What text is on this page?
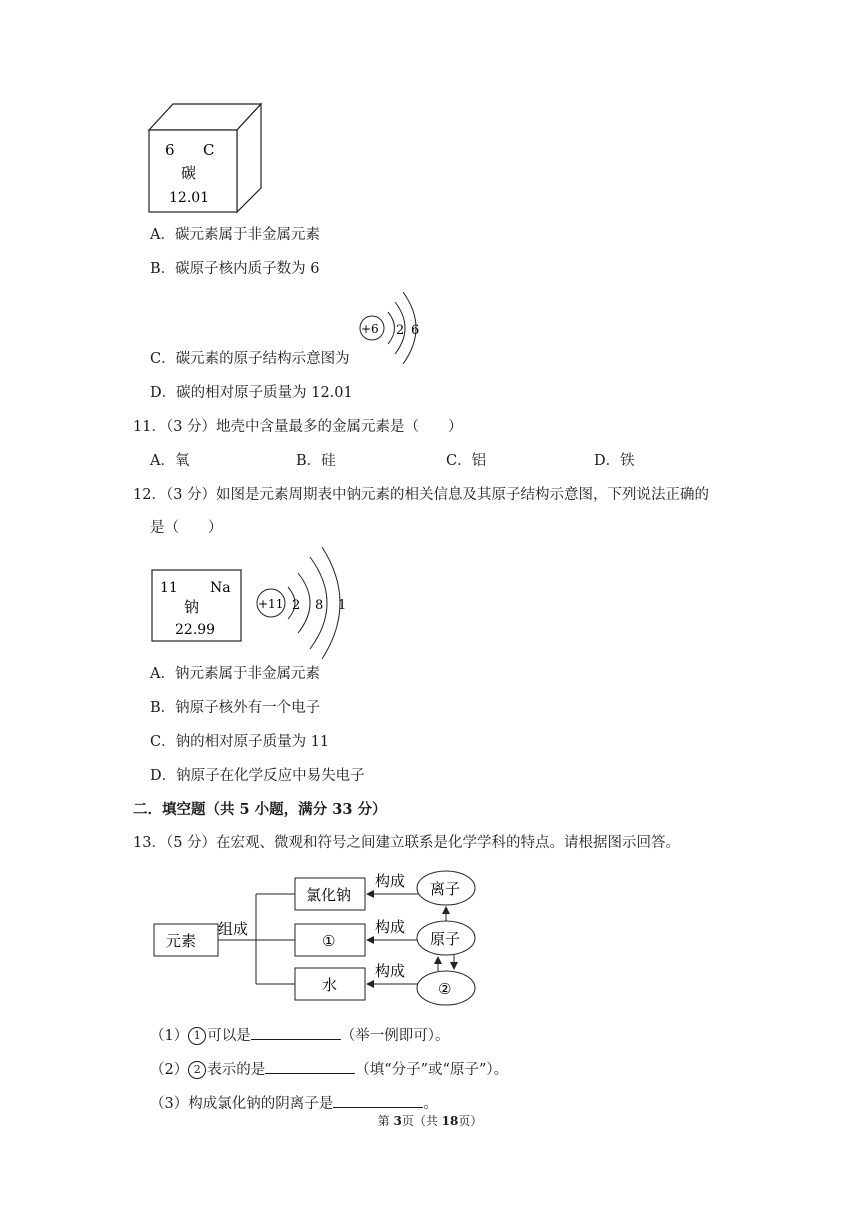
6 C
碳
12.01
A．碳元素属于非金属元素
B．碳原子核内质子数为 6
+6 2 6
C．碳元素的原子结构示意图为
D．碳的相对原子质量为 12.01
11．（3 分）地壳中含量最多的金属元素是（　　）
A．氧	B．硅	C．铝	D．铁
12．（3 分）如图是元素周期表中钠元素的相关信息及其原子结构示意图，下列说法正确的
是（　　）
11 Na
钠
22.99
+11 2 8 1
A．钠元素属于非金属元素
B．钠原子核外有一个电子
C．钠的相对原子质量为 11
D．钠原子在化学反应中易失电子
二．填空题（共 5 小题，满分 33 分）
13．（5 分）在宏观、微观和符号之间建立联系是化学学科的特点。请根据图示回答。
元素
组成
氯化钠
①
水
构成
构成
构成
离子
原子
②
（1） 1 可以是	（举一例即可）。
（2） 2 表示的是	（填“分子”或“原子”）。
（3）构成氯化钠的阴离子是	。
第 3页（共 18页）
